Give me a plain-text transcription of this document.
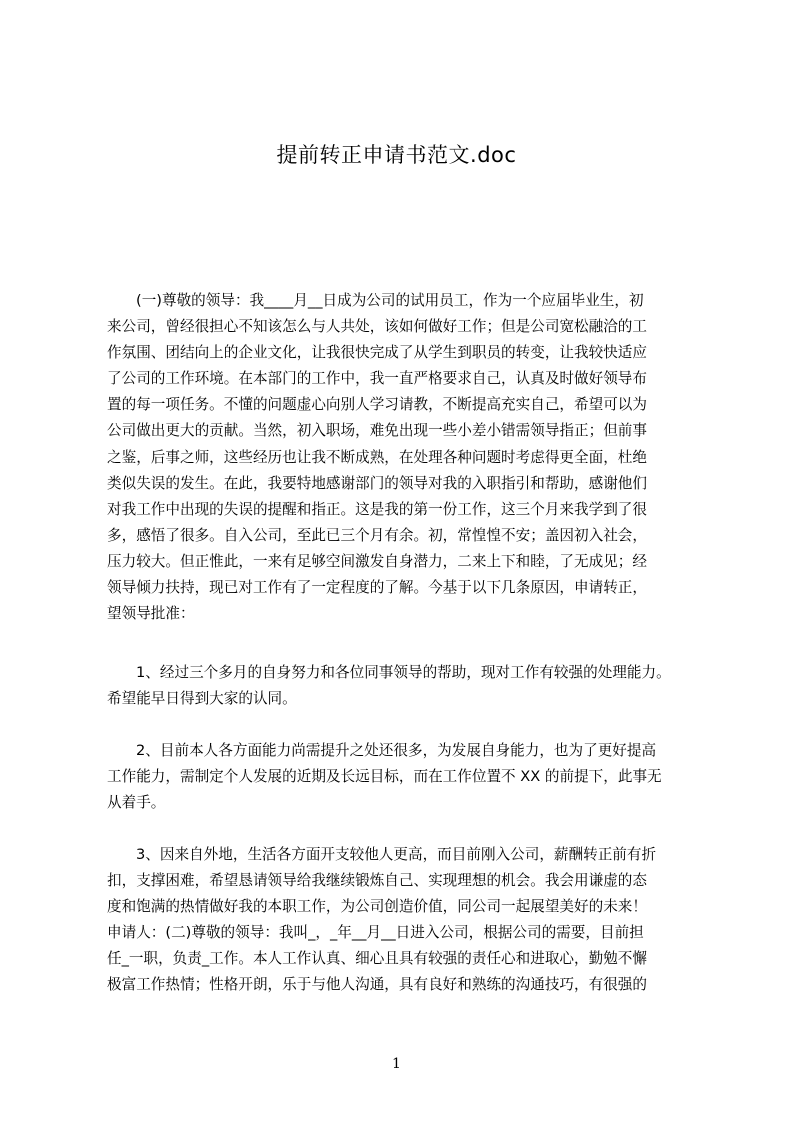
提前转正申请书范文.doc
(一)尊敬的领导：我____月__日成为公司的试用员工，作为一个应届毕业生，初
来公司，曾经很担心不知该怎么与人共处，该如何做好工作；但是公司宽松融洽的工
作氛围、团结向上的企业文化，让我很快完成了从学生到职员的转变，让我较快适应
了公司的工作环境。在本部门的工作中，我一直严格要求自己，认真及时做好领导布
置的每一项任务。不懂的问题虚心向别人学习请教，不断提高充实自己，希望可以为
公司做出更大的贡献。当然，初入职场，难免出现一些小差小错需领导指正；但前事
之鉴，后事之师，这些经历也让我不断成熟，在处理各种问题时考虑得更全面，杜绝
类似失误的发生。在此，我要特地感谢部门的领导对我的入职指引和帮助，感谢他们
对我工作中出现的失误的提醒和指正。这是我的第一份工作，这三个月来我学到了很
多，感悟了很多。自入公司，至此已三个月有余。初，常惶惶不安；盖因初入社会，
压力较大。但正惟此，一来有足够空间激发自身潜力，二来上下和睦，了无成见；经
领导倾力扶持，现已对工作有了一定程度的了解。今基于以下几条原因，申请转正，
望领导批准：
1、经过三个多月的自身努力和各位同事领导的帮助，现对工作有较强的处理能力。
希望能早日得到大家的认同。
2、目前本人各方面能力尚需提升之处还很多，为发展自身能力，也为了更好提高
工作能力，需制定个人发展的近期及长远目标，而在工作位置不 XX 的前提下，此事无
从着手。
3、因来自外地，生活各方面开支较他人更高，而目前刚入公司，薪酬转正前有折
扣，支撑困难，希望恳请领导给我继续锻炼自己、实现理想的机会。我会用谦虚的态
度和饱满的热情做好我的本职工作，为公司创造价值，同公司一起展望美好的未来！
申请人：(二)尊敬的领导：我叫_，_年__月__日进入公司，根据公司的需要，目前担
任_一职，负责_工作。本人工作认真、细心且具有较强的责任心和进取心，勤勉不懈
极富工作热情；性格开朗，乐于与他人沟通，具有良好和熟练的沟通技巧，有很强的
1
